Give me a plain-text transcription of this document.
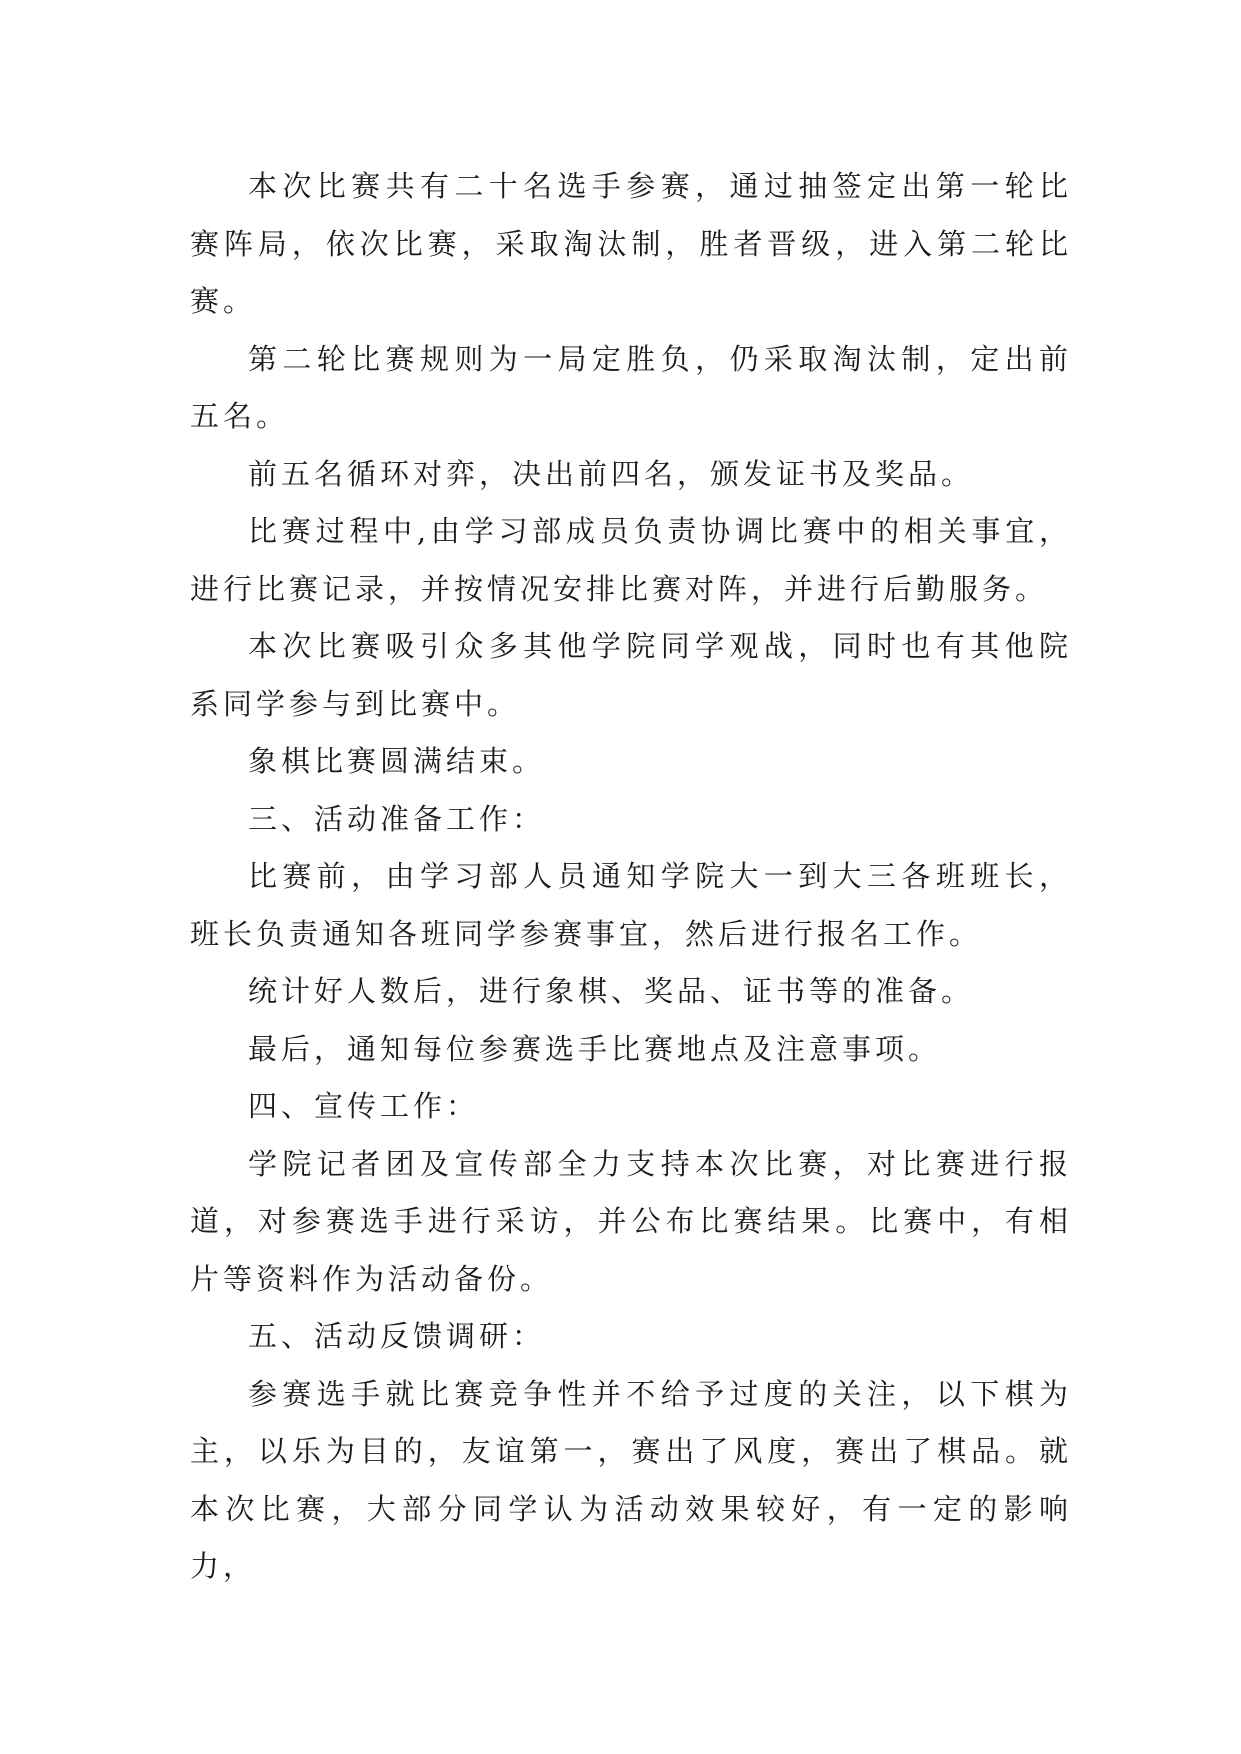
本次比赛共有二十名选手参赛，通过抽签定出第一轮比赛阵局，依次比赛，采取淘汰制，胜者晋级，进入第二轮比赛。

第二轮比赛规则为一局定胜负，仍采取淘汰制，定出前五名。

前五名循环对弈，决出前四名，颁发证书及奖品。

比赛过程中,由学习部成员负责协调比赛中的相关事宜，进行比赛记录，并按情况安排比赛对阵，并进行后勤服务。

本次比赛吸引众多其他学院同学观战，同时也有其他院系同学参与到比赛中。

象棋比赛圆满结束。

三、活动准备工作：

比赛前，由学习部人员通知学院大一到大三各班班长，班长负责通知各班同学参赛事宜，然后进行报名工作。

统计好人数后，进行象棋、奖品、证书等的准备。

最后，通知每位参赛选手比赛地点及注意事项。

四、宣传工作：

学院记者团及宣传部全力支持本次比赛，对比赛进行报道，对参赛选手进行采访，并公布比赛结果。比赛中，有相片等资料作为活动备份。

五、活动反馈调研：

参赛选手就比赛竞争性并不给予过度的关注，以下棋为主，以乐为目的，友谊第一，赛出了风度，赛出了棋品。就本次比赛，大部分同学认为活动效果较好，有一定的影响力，
